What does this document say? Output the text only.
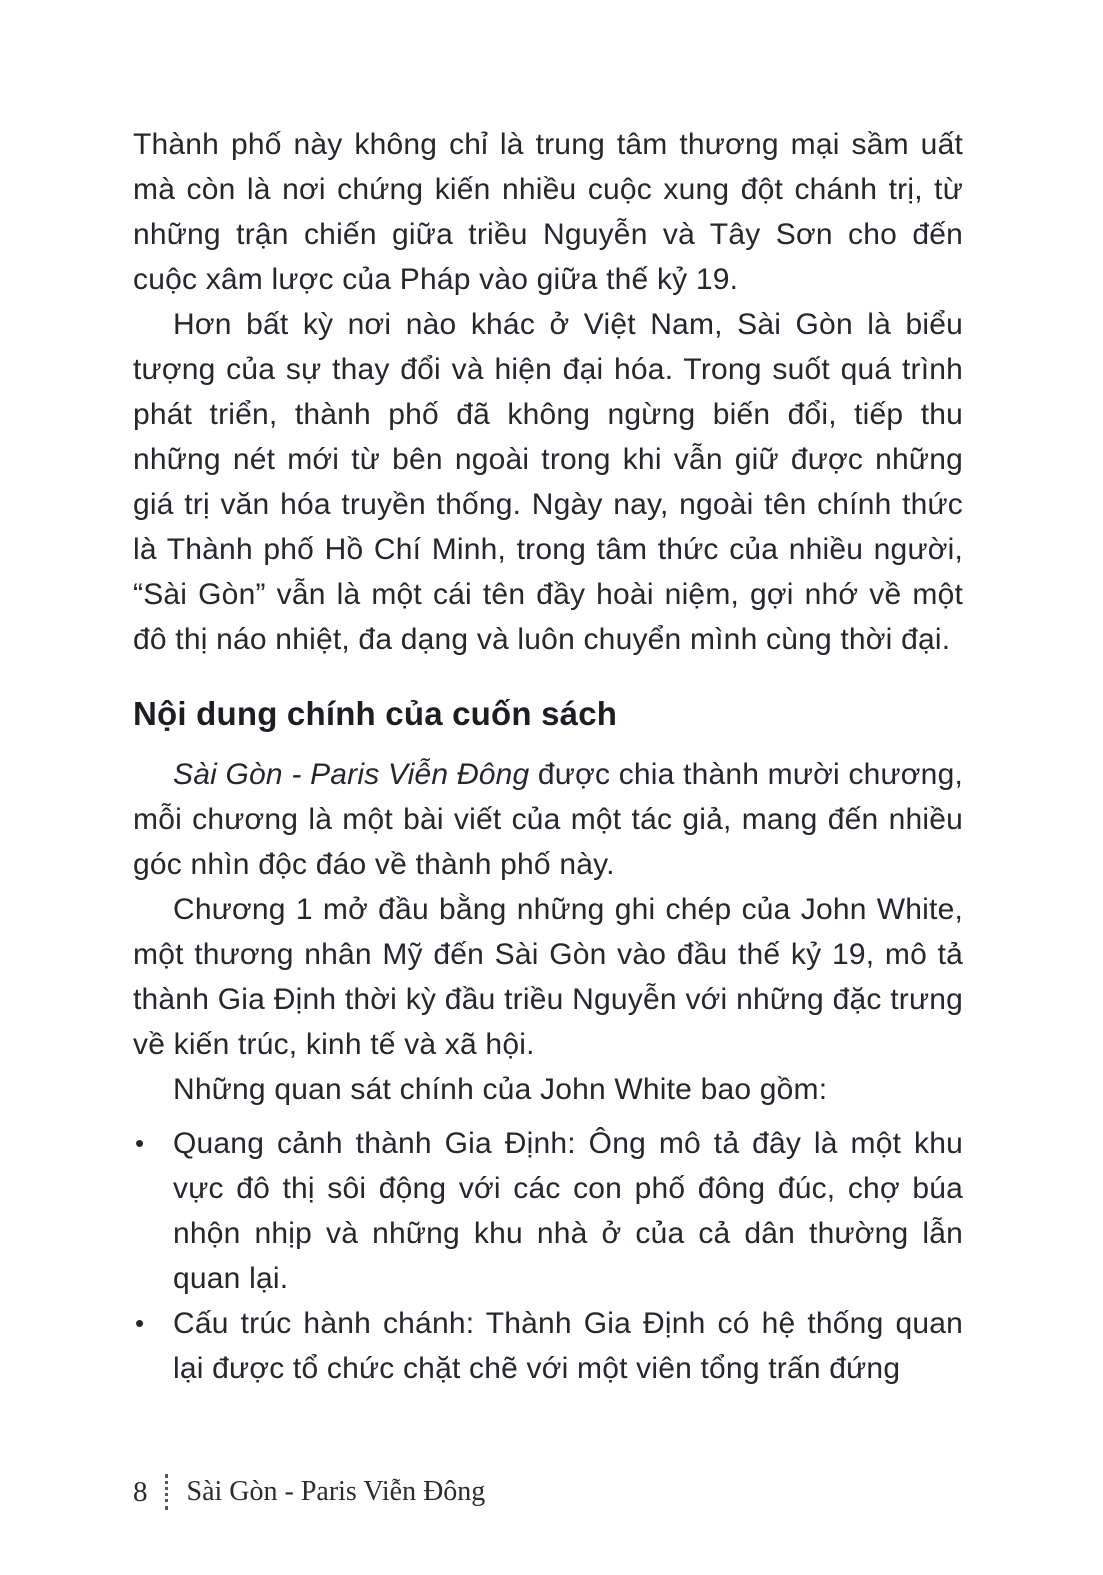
Thành phố này không chỉ là trung tâm thương mại sầm uất mà còn là nơi chứng kiến nhiều cuộc xung đột chánh trị, từ những trận chiến giữa triều Nguyễn và Tây Sơn cho đến cuộc xâm lược của Pháp vào giữa thế kỷ 19.

Hơn bất kỳ nơi nào khác ở Việt Nam, Sài Gòn là biểu tượng của sự thay đổi và hiện đại hóa. Trong suốt quá trình phát triển, thành phố đã không ngừng biến đổi, tiếp thu những nét mới từ bên ngoài trong khi vẫn giữ được những giá trị văn hóa truyền thống. Ngày nay, ngoài tên chính thức là Thành phố Hồ Chí Minh, trong tâm thức của nhiều người, “Sài Gòn” vẫn là một cái tên đầy hoài niệm, gợi nhớ về một đô thị náo nhiệt, đa dạng và luôn chuyển mình cùng thời đại.

Nội dung chính của cuốn sách

Sài Gòn - Paris Viễn Đông được chia thành mười chương, mỗi chương là một bài viết của một tác giả, mang đến nhiều góc nhìn độc đáo về thành phố này.

Chương 1 mở đầu bằng những ghi chép của John White, một thương nhân Mỹ đến Sài Gòn vào đầu thế kỷ 19, mô tả thành Gia Định thời kỳ đầu triều Nguyễn với những đặc trưng về kiến trúc, kinh tế và xã hội.

Những quan sát chính của John White bao gồm:

• Quang cảnh thành Gia Định: Ông mô tả đây là một khu vực đô thị sôi động với các con phố đông đúc, chợ búa nhộn nhịp và những khu nhà ở của cả dân thường lẫn quan lại.
• Cấu trúc hành chánh: Thành Gia Định có hệ thống quan lại được tổ chức chặt chẽ với một viên tổng trấn đứng
8 Sài Gòn - Paris Viễn Đông
